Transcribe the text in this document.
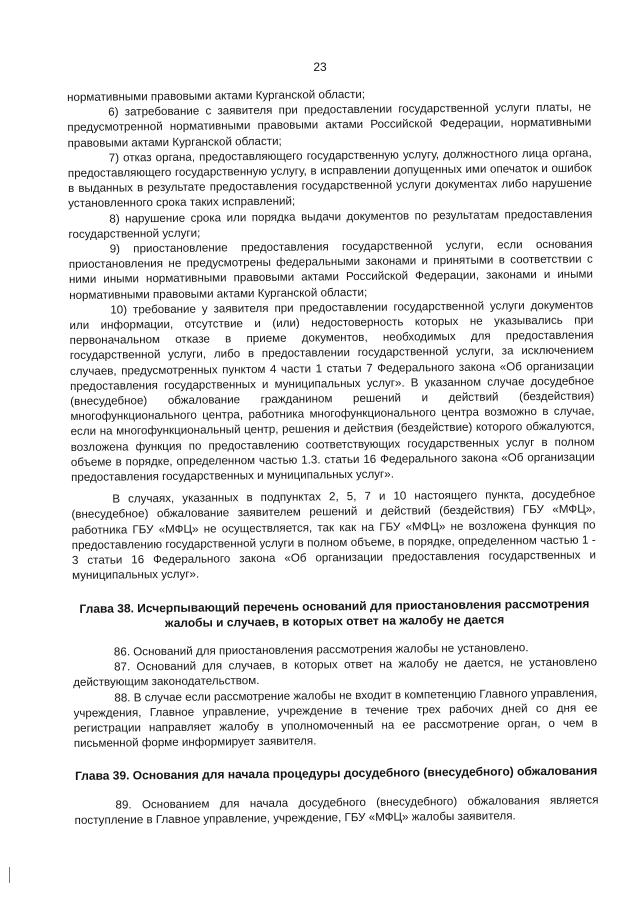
23

нормативными правовыми актами Курганской области;

6) затребование с заявителя при предоставлении государственной услуги платы, не предусмотренной нормативными правовыми актами Российской Федерации, нормативными правовыми актами Курганской области;

7) отказ органа, предоставляющего государственную услугу, должностного лица органа, предоставляющего государственную услугу, в исправлении допущенных ими опечаток и ошибок в выданных в результате предоставления государственной услуги документах либо нарушение установленного срока таких исправлений;

8) нарушение срока или порядка выдачи документов по результатам предоставления государственной услуги;

9) приостановление предоставления государственной услуги, если основания приостановления не предусмотрены федеральными законами и принятыми в соответствии с ними иными нормативными правовыми актами Российской Федерации, законами и иными нормативными правовыми актами Курганской области;

10) требование у заявителя при предоставлении государственной услуги документов или информации, отсутствие и (или) недостоверность которых не указывались при первоначальном отказе в приеме документов, необходимых для предоставления государственной услуги, либо в предоставлении государственной услуги, за исключением случаев, предусмотренных пунктом 4 части 1 статьи 7 Федерального закона «Об организации предоставления государственных и муниципальных услуг». В указанном случае досудебное (внесудебное) обжалование гражданином решений и действий (бездействия) многофункционального центра, работника многофункционального центра возможно в случае, если на многофункциональный центр, решения и действия (бездействие) которого обжалуются, возложена функция по предоставлению соответствующих государственных услуг в полном объеме в порядке, определенном частью 1.3. статьи 16 Федерального закона «Об организации предоставления государственных и муниципальных услуг».

В случаях, указанных в подпунктах 2, 5, 7 и 10 настоящего пункта, досудебное (внесудебное) обжалование заявителем решений и действий (бездействия) ГБУ «МФЦ», работника ГБУ «МФЦ» не осуществляется, так как на ГБУ «МФЦ» не возложена функция по предоставлению государственной услуги в полном объеме, в порядке, определенном частью 1 - 3 статьи 16 Федерального закона «Об организации предоставления государственных и муниципальных услуг».

Глава 38. Исчерпывающий перечень оснований для приостановления рассмотрения жалобы и случаев, в которых ответ на жалобу не дается

86. Оснований для приостановления рассмотрения жалобы не установлено.

87. Оснований для случаев, в которых ответ на жалобу не дается, не установлено действующим законодательством.

88. В случае если рассмотрение жалобы не входит в компетенцию Главного управления, учреждения, Главное управление, учреждение в течение трех рабочих дней со дня ее регистрации направляет жалобу в уполномоченный на ее рассмотрение орган, о чем в письменной форме информирует заявителя.

Глава 39. Основания для начала процедуры досудебного (внесудебного) обжалования

89. Основанием для начала досудебного (внесудебного) обжалования является поступление в Главное управление, учреждение, ГБУ «МФЦ» жалобы заявителя.
